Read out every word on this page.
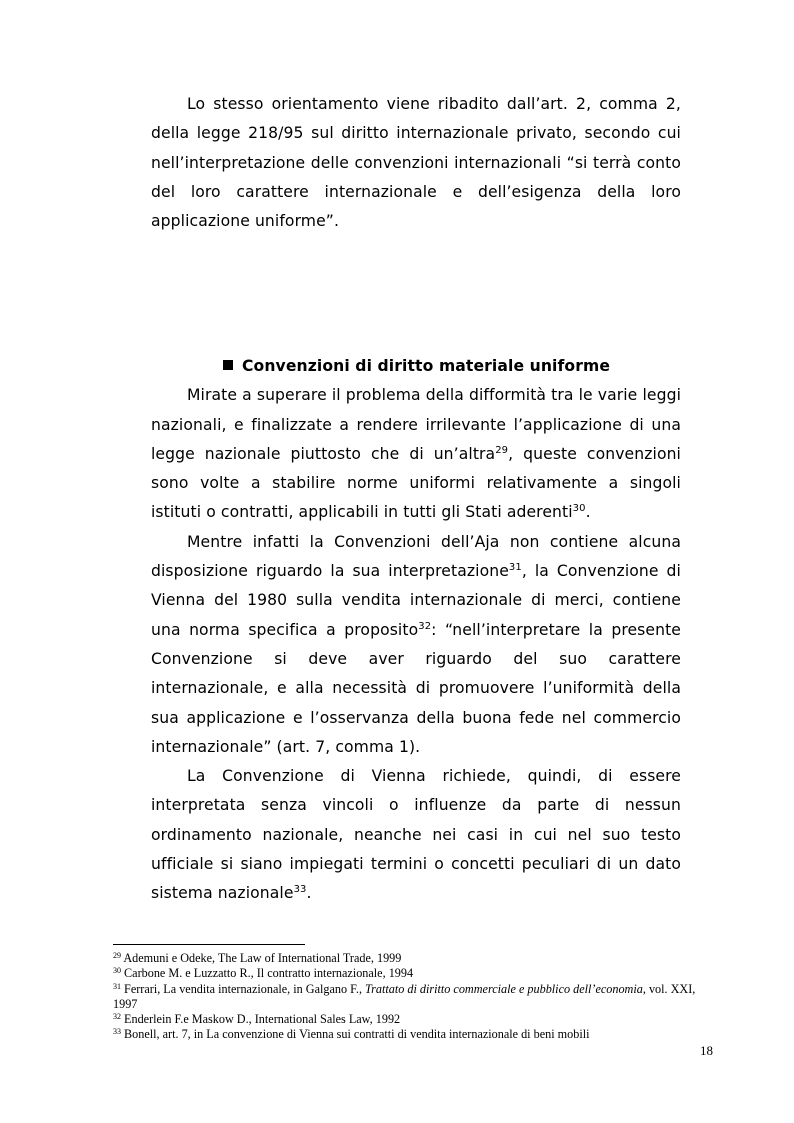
Lo stesso orientamento viene ribadito dall’art. 2, comma 2, della legge 218/95 sul diritto internazionale privato, secondo cui nell’interpretazione delle convenzioni internazionali “si terrà conto del loro carattere internazionale e dell’esigenza della loro applicazione uniforme”.

Convenzioni di diritto materiale uniforme

Mirate a superare il problema della difformità tra le varie leggi nazionali, e finalizzate a rendere irrilevante l’applicazione di una legge nazionale piuttosto che di un’altra$^{29}$, queste convenzioni sono volte a stabilire norme uniformi relativamente a singoli istituti o contratti, applicabili in tutti gli Stati aderenti$^{30}$.

Mentre infatti la Convenzioni dell’Aja non contiene alcuna disposizione riguardo la sua interpretazione$^{31}$, la Convenzione di Vienna del 1980 sulla vendita internazionale di merci, contiene una norma specifica a proposito$^{32}$: “nell’interpretare la presente Convenzione si deve aver riguardo del suo carattere internazionale, e alla necessità di promuovere l’uniformità della sua applicazione e l’osservanza della buona fede nel commercio internazionale” (art. 7, comma 1).

La Convenzione di Vienna richiede, quindi, di essere interpretata senza vincoli o influenze da parte di nessun ordinamento nazionale, neanche nei casi in cui nel suo testo ufficiale si siano impiegati termini o concetti peculiari di un dato sistema nazionale$^{33}$.

$^{29}$ Ademuni e Odeke, The Law of International Trade, 1999

$^{30}$ Carbone M. e Luzzatto R., Il contratto internazionale, 1994

$^{31}$ Ferrari, La vendita internazionale, in Galgano F., Trattato di diritto commerciale e pubblico dell’economia, vol. XXI, 1997

$^{32}$ Enderlein F.e Maskow D., International Sales Law, 1992

$^{33}$ Bonell, art. 7, in La convenzione di Vienna sui contratti di vendita internazionale di beni mobili

18
